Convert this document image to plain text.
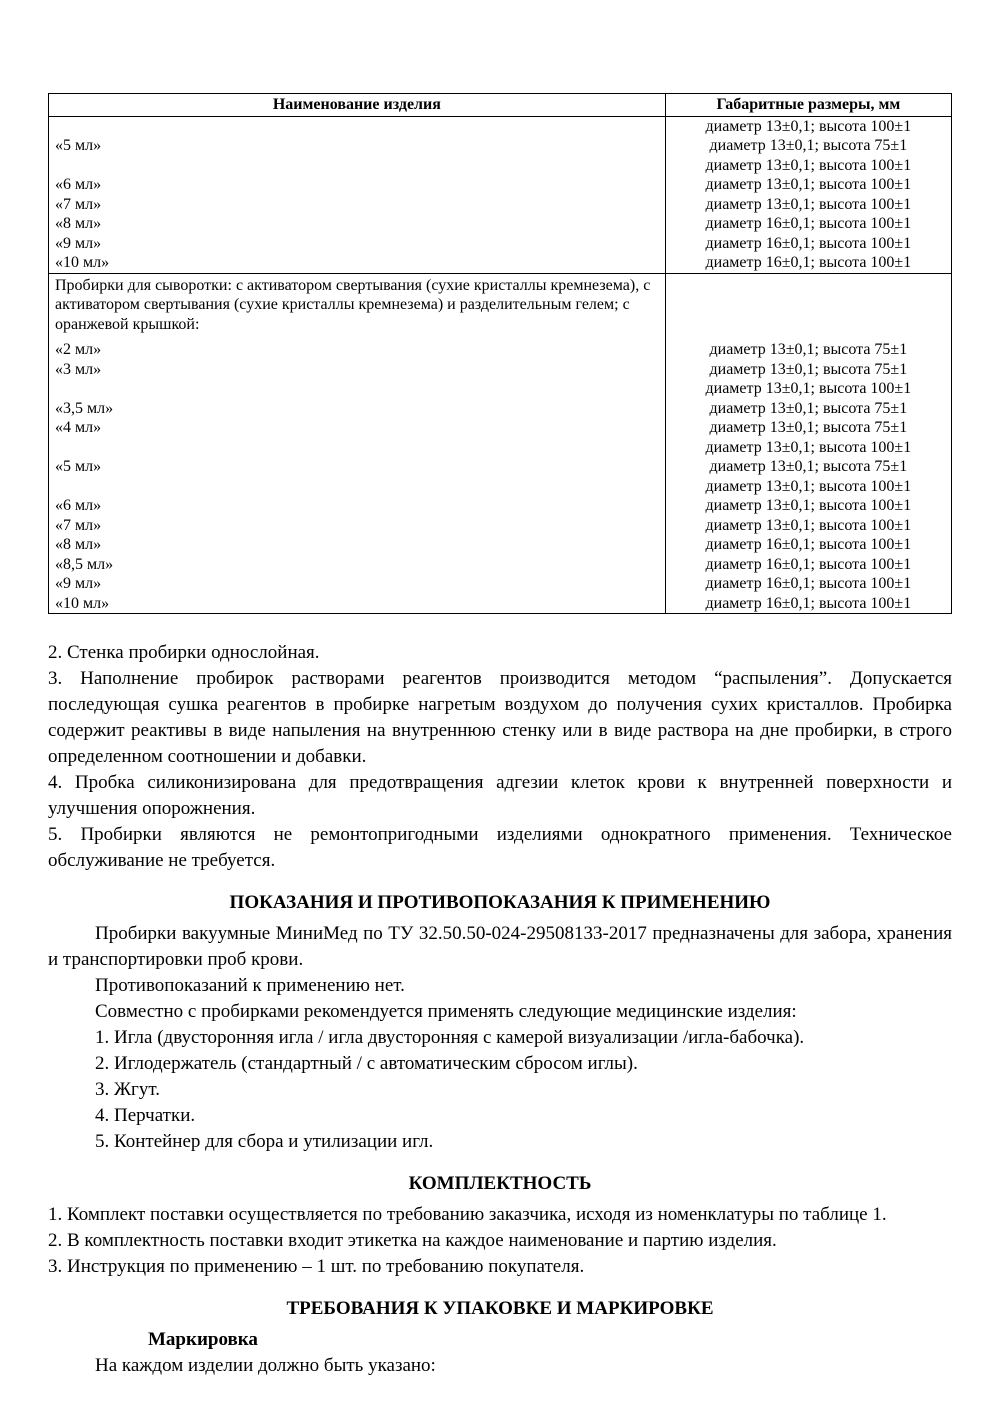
Наименование изделия	Габаритные размеры, мм
	диаметр 13±0,1; высота 100±1
«5 мл»	диаметр 13±0,1; высота 75±1
	диаметр 13±0,1; высота 100±1
«6 мл»	диаметр 13±0,1; высота 100±1
«7 мл»	диаметр 13±0,1; высота 100±1
«8 мл»	диаметр 16±0,1; высота 100±1
«9 мл»	диаметр 16±0,1; высота 100±1
«10 мл»	диаметр 16±0,1; высота 100±1
Пробирки для сыворотки: с активатором свертывания (сухие кристаллы кремнезема), с активатором свертывания (сухие кристаллы кремнезема) и разделительным гелем; с оранжевой крышкой:	
«2 мл»	диаметр 13±0,1; высота 75±1
«3 мл»	диаметр 13±0,1; высота 75±1
	диаметр 13±0,1; высота 100±1
«3,5 мл»	диаметр 13±0,1; высота 75±1
«4 мл»	диаметр 13±0,1; высота 75±1
	диаметр 13±0,1; высота 100±1
«5 мл»	диаметр 13±0,1; высота 75±1
	диаметр 13±0,1; высота 100±1
«6 мл»	диаметр 13±0,1; высота 100±1
«7 мл»	диаметр 13±0,1; высота 100±1
«8 мл»	диаметр 16±0,1; высота 100±1
«8,5 мл»	диаметр 16±0,1; высота 100±1
«9 мл»	диаметр 16±0,1; высота 100±1
«10 мл»	диаметр 16±0,1; высота 100±1

2. Стенка пробирки однослойная.

3. Наполнение пробирок растворами реагентов производится методом “распыления”. Допускается последующая сушка реагентов в пробирке нагретым воздухом до получения сухих кристаллов. Пробирка содержит реактивы в виде напыления на внутреннюю стенку или в виде раствора на дне пробирки, в строго определенном соотношении и добавки.

4. Пробка силиконизирована для предотвращения адгезии клеток крови к внутренней поверхности и улучшения опорожнения.

5. Пробирки являются не ремонтопригодными изделиями однократного применения. Техническое обслуживание не требуется.

ПОКАЗАНИЯ И ПРОТИВОПОКАЗАНИЯ К ПРИМЕНЕНИЮ

Пробирки вакуумные МиниМед по ТУ 32.50.50-024-29508133-2017 предназначены для забора, хранения и транспортировки проб крови.

Противопоказаний к применению нет.

Совместно с пробирками рекомендуется применять следующие медицинские изделия:

1. Игла (двусторонняя игла / игла двусторонняя с камерой визуализации /игла-бабочка).

2. Иглодержатель (стандартный / с автоматическим сбросом иглы).

3. Жгут.

4. Перчатки.

5. Контейнер для сбора и утилизации игл.

КОМПЛЕКТНОСТЬ

1. Комплект поставки осуществляется по требованию заказчика, исходя из номенклатуры по таблице 1.

2. В комплектность поставки входит этикетка на каждое наименование и партию изделия.

3. Инструкция по применению – 1 шт. по требованию покупателя.

ТРЕБОВАНИЯ К УПАКОВКЕ И МАРКИРОВКЕ

Маркировка

На каждом изделии должно быть указано:
